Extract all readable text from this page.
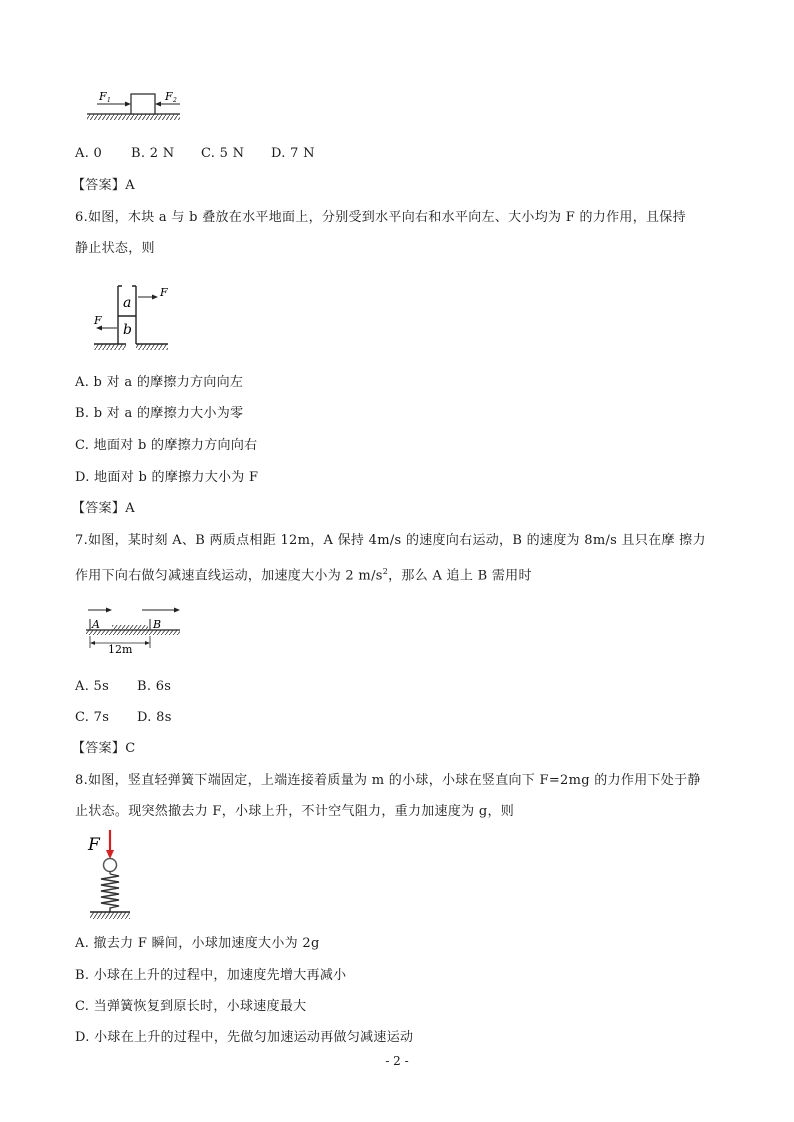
F 1	F 2
A. 0 B. 2 N C. 5 N D. 7 N
【答案】A
6.如图，木块 a 与 b 叠放在水平地面上，分别受到水平向右和水平向左、大小均为 F 的力作用，且保持
静止状态，则
a
b
F
F
A. b 对 a 的摩擦力方向向左
B. b 对 a 的摩擦力大小为零
C. 地面对 b 的摩擦力方向向右
D. 地面对 b 的摩擦力大小为 F
【答案】A
7.如图，某时刻 A、B 两质点相距 12m，A 保持 4m/s 的速度向右运动，B 的速度为 8m/s 且只在摩 擦力
作用下向右做匀减速直线运动，加速度大小为 2 $m/s^2$，那么 A 追上 B 需用时
A	B
12m
A. 5s B. 6s
C. 7s D. 8s
【答案】C
8.如图，竖直轻弹簧下端固定，上端连接着质量为 m 的小球，小球在竖直向下 F=2mg 的力作用下处于静
止状态。现突然撤去力 F，小球上升，不计空气阻力，重力加速度为 g，则
F
A. 撤去力 F 瞬间，小球加速度大小为 2g
B. 小球在上升的过程中，加速度先增大再减小
C. 当弹簧恢复到原长时，小球速度最大
D. 小球在上升的过程中，先做匀加速运动再做匀减速运动
- 2 -
